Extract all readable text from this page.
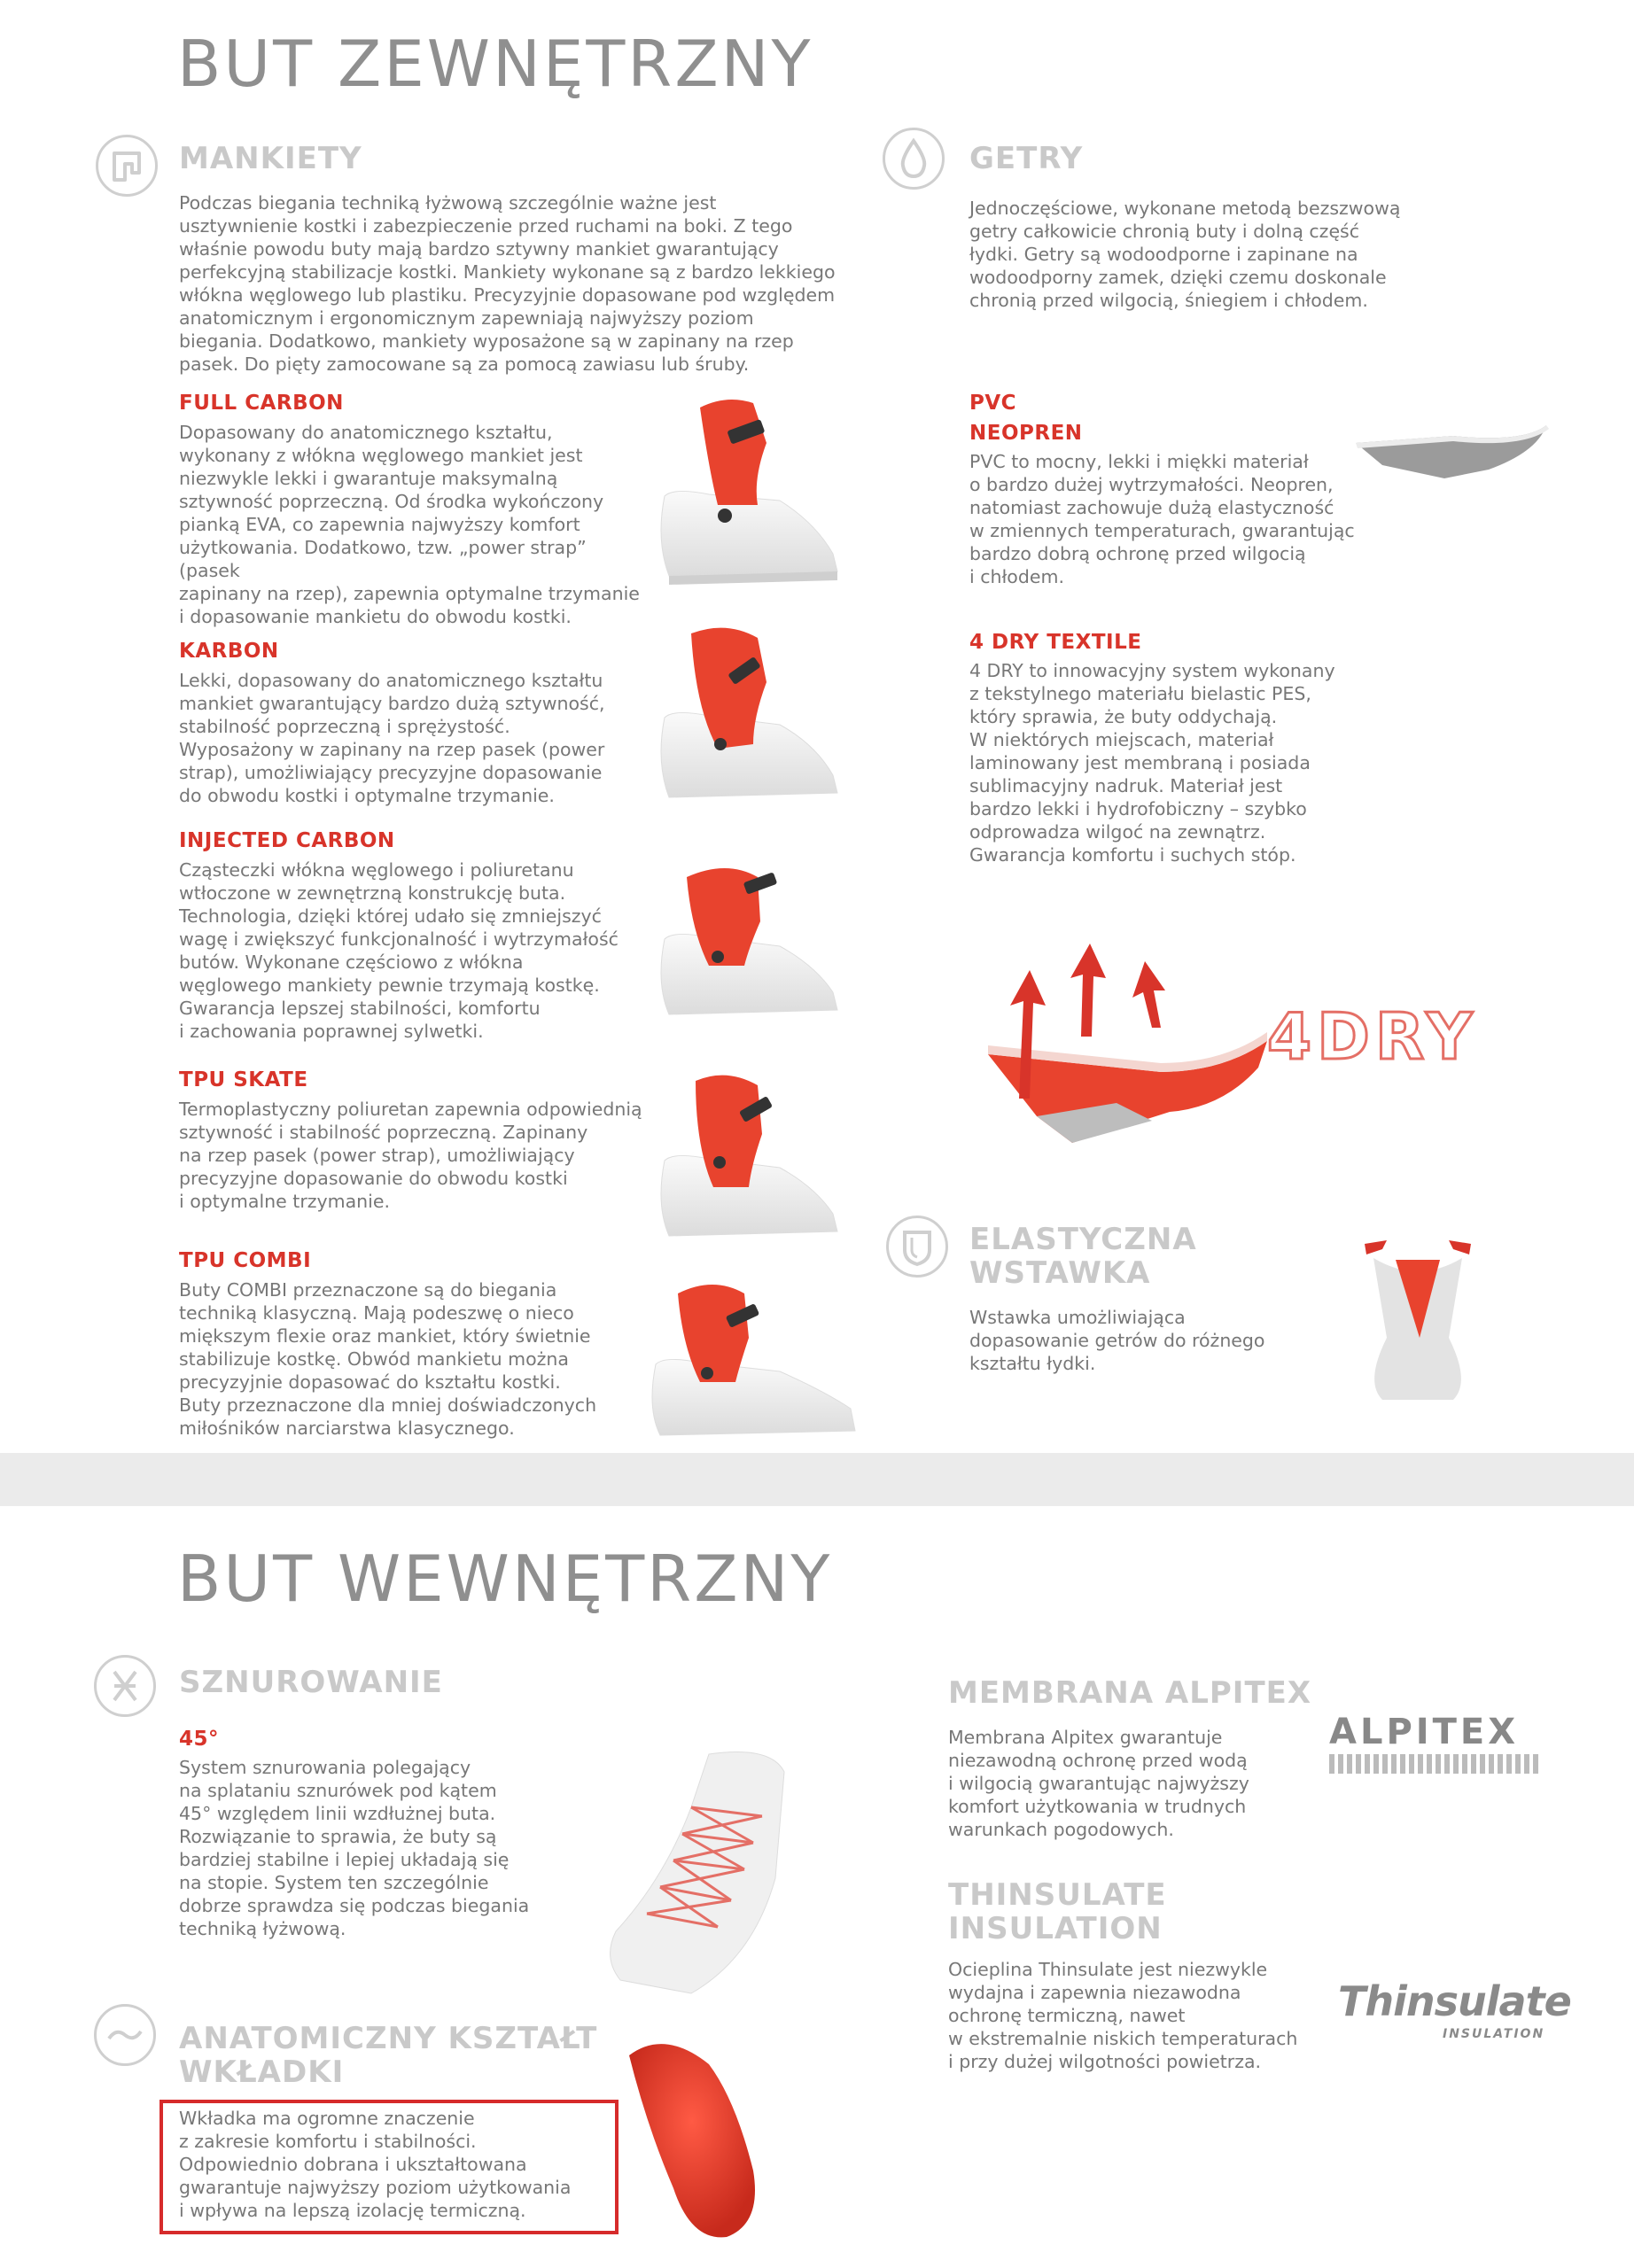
BUT ZEWNĘTRZNY
MANKIETY
Podczas biegania techniką łyżwową szczególnie ważne jest
usztywnienie kostki i zabezpieczenie przed ruchami na boki. Z tego
właśnie powodu buty mają bardzo sztywny mankiet gwarantujący
perfekcyjną stabilizacje kostki. Mankiety wykonane są z bardzo lekkiego
włókna węglowego lub plastiku. Precyzyjnie dopasowane pod względem
anatomicznym i ergonomicznym zapewniają najwyższy poziom
biegania. Dodatkowo, mankiety wyposażone są w zapinany na rzep
pasek. Do pięty zamocowane są za pomocą zawiasu lub śruby.
FULL CARBON
Dopasowany do anatomicznego kształtu,
wykonany z włókna węglowego mankiet jest
niezwykle lekki i gwarantuje maksymalną
sztywność poprzeczną. Od środka wykończony
pianką EVA, co zapewnia najwyższy komfort
użytkowania. Dodatkowo, tzw. „power strap” (pasek
zapinany na rzep), zapewnia optymalne trzymanie
i dopasowanie mankietu do obwodu kostki.
KARBON
Lekki, dopasowany do anatomicznego kształtu
mankiet gwarantujący bardzo dużą sztywność,
stabilność poprzeczną i sprężystość.
Wyposażony w zapinany na rzep pasek (power
strap), umożliwiający precyzyjne dopasowanie
do obwodu kostki i optymalne trzymanie.
INJECTED CARBON
Cząsteczki włókna węglowego i poliuretanu
wtłoczone w zewnętrzną konstrukcję buta.
Technologia, dzięki której udało się zmniejszyć
wagę i zwiększyć funkcjonalność i wytrzymałość
butów. Wykonane częściowo z włókna
węglowego mankiety pewnie trzymają kostkę.
Gwarancja lepszej stabilności, komfortu
i zachowania poprawnej sylwetki.
TPU SKATE
Termoplastyczny poliuretan zapewnia odpowiednią
sztywność i stabilność poprzeczną. Zapinany
na rzep pasek (power strap), umożliwiający
precyzyjne dopasowanie do obwodu kostki
i optymalne trzymanie.
TPU COMBI
Buty COMBI przeznaczone są do biegania
techniką klasyczną. Mają podeszwę o nieco
miększym flexie oraz mankiet, który świetnie
stabilizuje kostkę. Obwód mankietu można
precyzyjnie dopasować do kształtu kostki.
Buty przeznaczone dla mniej doświadczonych
miłośników narciarstwa klasycznego.
GETRY
Jednoczęściowe, wykonane metodą bezszwową
getry całkowicie chronią buty i dolną część
łydki. Getry są wodoodporne i zapinane na
wodoodporny zamek, dzięki czemu doskonale
chronią przed wilgocią, śniegiem i chłodem.
PVC
NEOPREN
PVC to mocny, lekki i miękki materiał
o bardzo dużej wytrzymałości. Neopren,
natomiast zachowuje dużą elastyczność
w zmiennych temperaturach, gwarantując
bardzo dobrą ochronę przed wilgocią
i chłodem.
4 DRY TEXTILE
4 DRY to innowacyjny system wykonany
z tekstylnego materiału bielastic PES,
który sprawia, że buty oddychają.
W niektórych miejscach, materiał
laminowany jest membraną i posiada
sublimacyjny nadruk. Materiał jest
bardzo lekki i hydrofobiczny – szybko
odprowadza wilgoć na zewnątrz.
Gwarancja komfortu i suchych stóp.
4DRY
ELASTYCZNA
WSTAWKA
Wstawka umożliwiająca
dopasowanie getrów do różnego
kształtu łydki.
BUT WEWNĘTRZNY
SZNUROWANIE
45°
System sznurowania polegający
na splataniu sznurówek pod kątem
45° względem linii wzdłużnej buta.
Rozwiązanie to sprawia, że buty są
bardziej stabilne i lepiej układają się
na stopie. System ten szczególnie
dobrze sprawdza się podczas biegania
techniką łyżwową.
ANATOMICZNY KSZTAŁT
WKŁADKI
Wkładka ma ogromne znaczenie
z zakresie komfortu i stabilności.
Odpowiednio dobrana i ukształtowana
gwarantuje najwyższy poziom użytkowania
i wpływa na lepszą izolację termiczną.
MEMBRANA ALPITEX
Membrana Alpitex gwarantuje
niezawodną ochronę przed wodą
i wilgocią gwarantując najwyższy
komfort użytkowania w trudnych
warunkach pogodowych.
ALPITEX
THINSULATE
INSULATION
Ocieplina Thinsulate jest niezwykle
wydajna i zapewnia niezawodna
ochronę termiczną, nawet
w ekstremalnie niskich temperaturach
i przy dużej wilgotności powietrza.
Thinsulate
INSULATION
